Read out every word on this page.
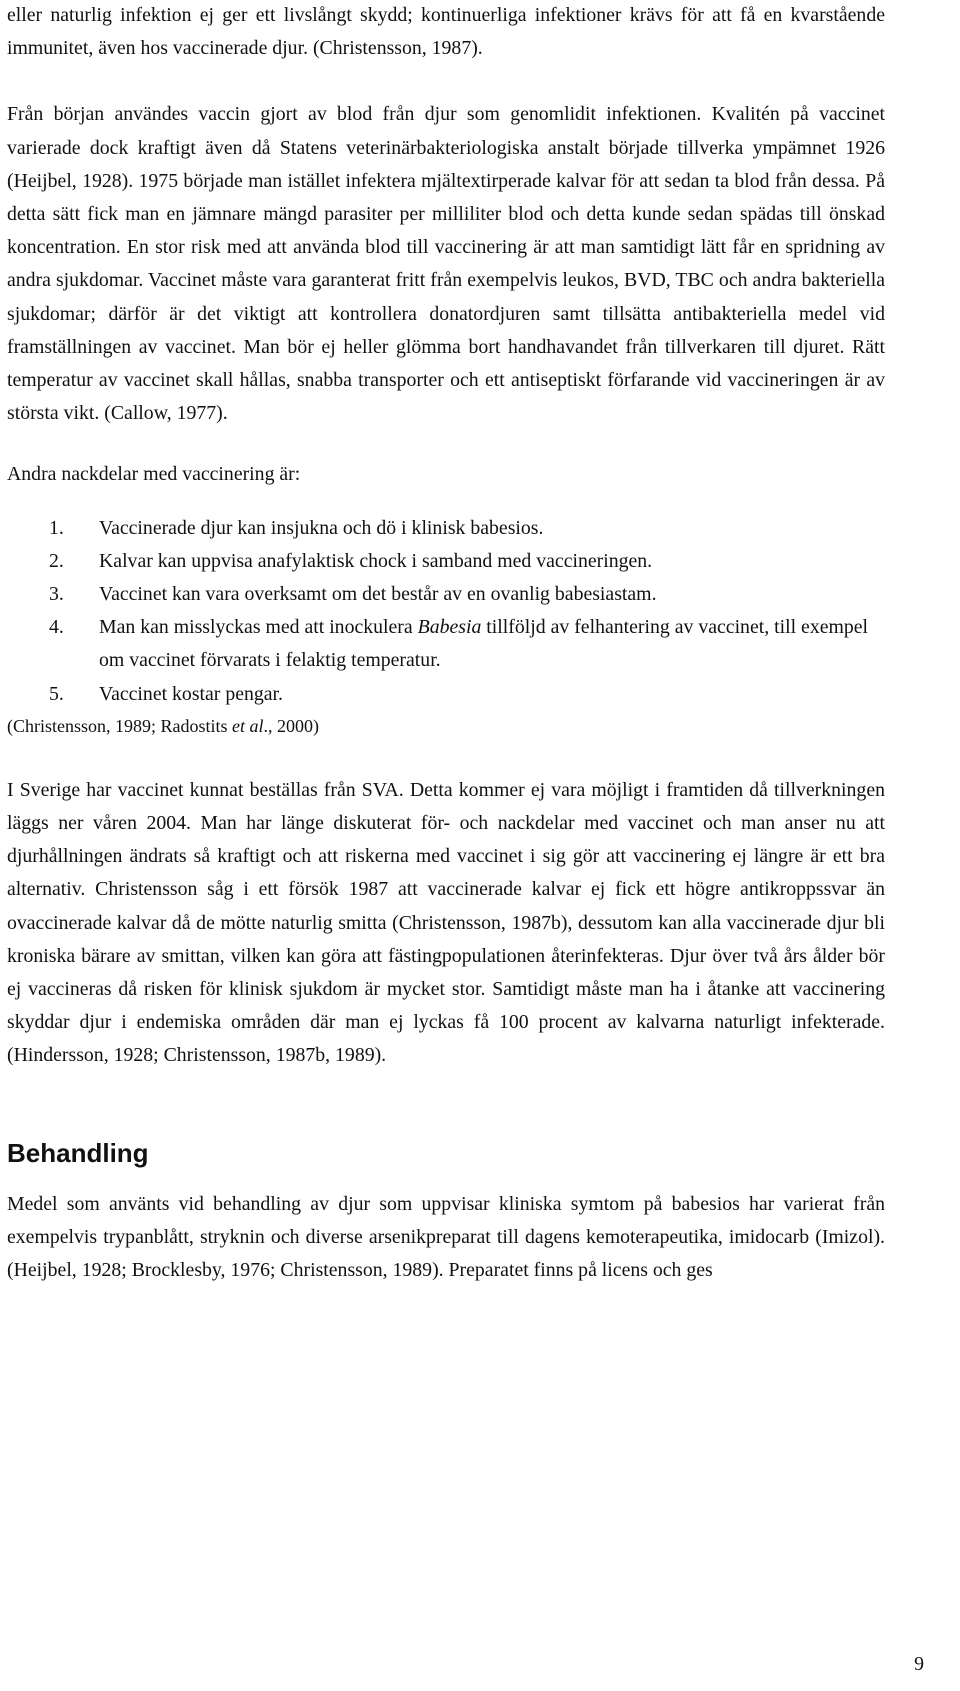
eller naturlig infektion ej ger ett livslångt skydd; kontinuerliga infektioner krävs för att få en kvarstående immunitet, även hos vaccinerade djur. (Christensson, 1987).

Från början användes vaccin gjort av blod från djur som genomlidit infektionen. Kvalitén på vaccinet varierade dock kraftigt även då Statens veterinärbakteriologiska anstalt började tillverka ympämnet 1926 (Heijbel, 1928). 1975 började man istället infektera mjältextirperade kalvar för att sedan ta blod från dessa. På detta sätt fick man en jämnare mängd parasiter per milliliter blod och detta kunde sedan spädas till önskad koncentration. En stor risk med att använda blod till vaccinering är att man samtidigt lätt får en spridning av andra sjukdomar. Vaccinet måste vara garanterat fritt från exempelvis leukos, BVD, TBC och andra bakteriella sjukdomar; därför är det viktigt att kontrollera donatordjuren samt tillsätta antibakteriella medel vid framställningen av vaccinet. Man bör ej heller glömma bort handhavandet från tillverkaren till djuret. Rätt temperatur av vaccinet skall hållas, snabba transporter och ett antiseptiskt förfarande vid vaccineringen är av största vikt. (Callow, 1977).

Andra nackdelar med vaccinering är:

1.	Vaccinerade djur kan insjukna och dö i klinisk babesios.
2.	Kalvar kan uppvisa anafylaktisk chock i samband med vaccineringen.
3.	Vaccinet kan vara overksamt om det består av en ovanlig babesiastam.
4.	Man kan misslyckas med att inockulera Babesia tillföljd av felhantering av vaccinet, till exempel om vaccinet förvarats i felaktig temperatur.
5.	Vaccinet kostar pengar.

(Christensson, 1989; Radostits et al., 2000)

I Sverige har vaccinet kunnat beställas från SVA. Detta kommer ej vara möjligt i framtiden då tillverkningen läggs ner våren 2004. Man har länge diskuterat för- och nackdelar med vaccinet och man anser nu att djurhållningen ändrats så kraftigt och att riskerna med vaccinet i sig gör att vaccinering ej längre är ett bra alternativ. Christensson såg i ett försök 1987 att vaccinerade kalvar ej fick ett högre antikroppssvar än ovaccinerade kalvar då de mötte naturlig smitta (Christensson, 1987b), dessutom kan alla vaccinerade djur bli kroniska bärare av smittan, vilken kan göra att fästingpopulationen återinfekteras. Djur över två års ålder bör ej vaccineras då risken för klinisk sjukdom är mycket stor. Samtidigt måste man ha i åtanke att vaccinering skyddar djur i endemiska områden där man ej lyckas få 100 procent av kalvarna naturligt infekterade. (Hindersson, 1928; Christensson, 1987b, 1989).

Behandling

Medel som använts vid behandling av djur som uppvisar kliniska symtom på babesios har varierat från exempelvis trypanblått, stryknin och diverse arsenikpreparat till dagens kemoterapeutika, imidocarb (Imizol). (Heijbel, 1928; Brocklesby, 1976; Christensson, 1989). Preparatet finns på licens och ges

9
